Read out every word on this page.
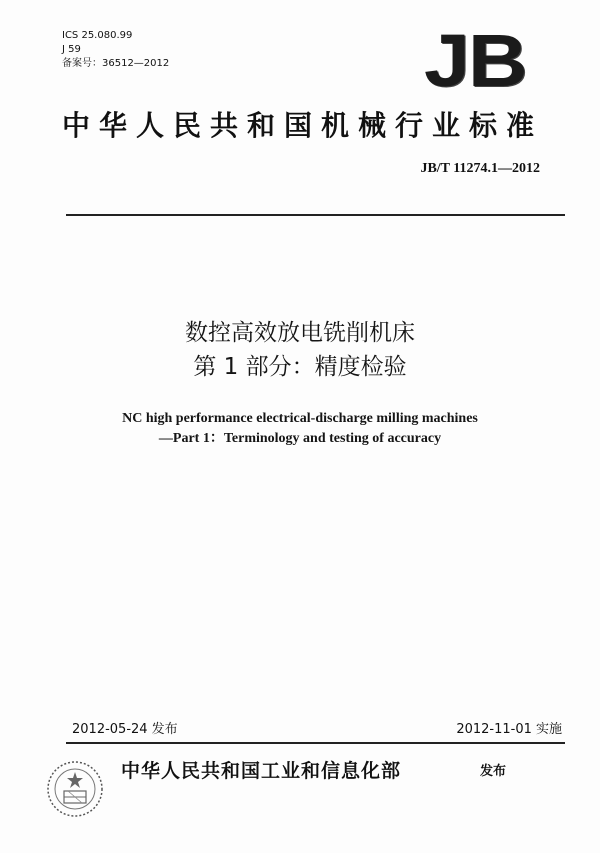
ICS 25.080.99
J 59
备案号：36512—2012	JB
中华人民共和国机械行业标准
JB/T 11274.1—2012
数控高效放电铣削机床
第 1 部分：精度检验
NC high performance electrical-discharge milling machines
—Part 1：Terminology and testing of accuracy
2012-05-24 发布	2012-11-01 实施
中华人民共和国工业和信息化部	发布
